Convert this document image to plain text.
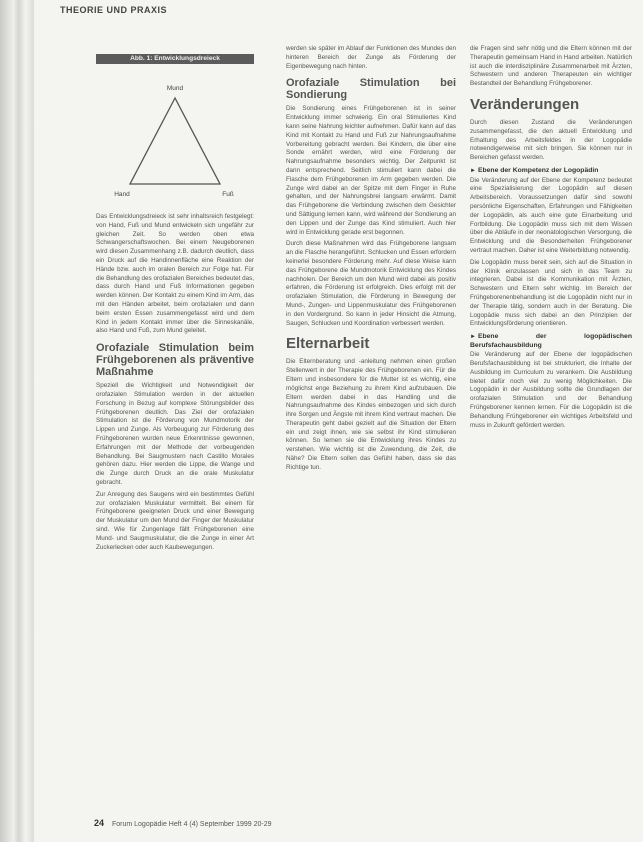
THEORIE UND PRAXIS
Abb. 1: Entwicklungsdreieck
Mund
Hand	Fuß

Das Entwicklungsdreieck ist sehr inhaltsreich festgelegt: von Hand, Fuß und Mund entwickeln sich ungefähr zur gleichen Zeit. So werden oben etwa Schwangerschaftswochen. Bei einem Neugeborenen wird diesen Zusammenhang z.B. dadurch deutlich, dass ein Druck auf die Handinnenfläche eine Reaktion der Hände bzw. auch im oralen Bereich zur Folge hat. Für die Behandlung des orofazialen Bereiches bedeutet das, dass durch Hand und Fuß Informationen gegeben werden können. Der Kontakt zu einem Kind im Arm, das mit den Händen arbeitet, beim orofazialen und dann beim ersten Essen zusammengefasst wird und dem Kind in jedem Kontakt immer über die Sinneskanäle, also Hand und Fuß, zum Mund geleitet.

Orofaziale Stimulation beim Frühgeborenen als präventive Maßnahme

Speziell die Wichtigkeit und Notwendigkeit der orofazialen Stimulation werden in der aktuellen Forschung in Bezug auf komplexe Störungsbilder des Frühgeborenen deutlich. Das Ziel der orofazialen Stimulation ist die Förderung von Mundmotorik der Lippen und Zunge. Als Vorbeugung zur Förderung des Frühgeborenen wurden neue Erkenntnisse gewonnen, Erfahrungen mit der Methode der vorbeugenden Behandlung. Bei Saugmustern nach Castillo Morales gehören dazu. Hier werden die Lippe, die Wange und die Zunge durch Druck an die orale Muskulatur gebracht.

Zur Anregung des Saugens wird ein bestimmtes Gefühl zur orofazialen Muskulatur vermittelt. Bei einem für Frühgeborene geeigneten Druck und einer Bewegung der Muskulatur um den Mund der Finger der Muskulatur sind. Wie für Zungenlage fällt Frühgeborenen eine Mund- und Saugmuskulatur, die die Zunge in einer Art Zuckerlecken oder auch Kaubewegungen.

werden sie später im Ablauf der Funktionen des Mundes den hinteren Bereich der Zunge als Förderung der Eigenbewegung nach hinten.

Orofaziale Stimulation bei Sondierung

Die Sondierung eines Frühgeborenen ist in seiner Entwicklung immer schwierig. Ein oral Stimuliertes Kind kann seine Nahrung leichter aufnehmen. Dafür kann auf das Kind mit Kontakt zu Hand und Fuß zur Nahrungsaufnahme Vorbereitung gebracht werden. Bei Kindern, die über eine Sonde ernährt werden, wird eine Förderung der Nahrungsaufnahme besonders wichtig. Der Zeitpunkt ist dann entsprechend. Seitlich stimuliert kann dabei die Flasche dem Frühgeborenen im Arm gegeben werden. Die Zunge wird dabei an der Spitze mit dem Finger in Ruhe gehalten, und der Nahrungsbrei langsam erwärmt. Damit das Frühgeborene die Verbindung zwischen dem Gesichter und Sättigung lernen kann, wird während der Sondierung an den Lippen und der Zunge das Kind stimuliert. Auch hier wird in Entwicklung gerade erst begonnen.

Durch diese Maßnahmen wird das Frühgeborene langsam an die Flasche herangeführt. Schlucken und Essen erfordern keinerlei besondere Förderung mehr. Auf diese Weise kann das Frühgeborene die Mundmotorik Entwicklung des Kindes nachholen. Der Bereich um den Mund wird dabei als positiv erfahren, die Förderung ist erfolgreich. Dies erfolgt mit der orofazialen Stimulation, die Förderung in Bewegung der Mund-, Zungen- und Lippenmuskulatur des Frühgeborenen in den Vordergrund. So kann in jeder Hinsicht die Atmung, Saugen, Schlucken und Koordination verbessert werden.

Elternarbeit

Die Elternberatung und -anleitung nehmen einen großen Stellenwert in der Therapie des Frühgeborenen ein. Für die Eltern und insbesondere für die Mutter ist es wichtig, eine möglichst enge Beziehung zu ihrem Kind aufzubauen. Die Eltern werden dabei in das Handling und die Nahrungsaufnahme des Kindes einbezogen und sich durch ihre Sorgen und Ängste mit ihrem Kind vertraut machen. Die Therapeutin geht dabei gezielt auf die Situation der Eltern ein und zeigt ihnen, wie sie selbst ihr Kind stimulieren können. So lernen sie die Entwicklung ihres Kindes zu verstehen. Wie wichtig ist die Zuwendung, die Zeit, die Nähe? Die Eltern sollen das Gefühl haben, dass sie das Richtige tun.

die Fragen sind sehr nötig und die Eltern können mit der Therapeutin gemeinsam Hand in Hand arbeiten. Natürlich ist auch die interdisziplinäre Zusammenarbeit mit Ärzten, Schwestern und anderen Therapeuten ein wichtiger Bestandteil der Behandlung Frühgeborener.

Veränderungen

Durch diesen Zustand die Veränderungen zusammengefasst, die den aktuell Entwicklung und Erhaltung des Arbeitsfeldes in der Logopädie notwendigerweise mit sich bringen. Sie können nur in Bereichen gefasst werden.

► Ebene der Kompetenz der Logopädin

Die Veränderung auf der Ebene der Kompetenz bedeutet eine Spezialisierung der Logopädin auf diesen Arbeitsbereich. Voraussetzungen dafür sind sowohl persönliche Eigenschaften, Erfahrungen und Fähigkeiten der Logopädin, als auch eine gute Einarbeitung und Fortbildung. Die Logopädin muss sich mit dem Wissen über die Abläufe in der neonatologischen Versorgung, die Entwicklung und die Besonderheiten Frühgeborener vertraut machen. Daher ist eine Weiterbildung notwendig.

Die Logopädin muss bereit sein, sich auf die Situation in der Klinik einzulassen und sich in das Team zu integrieren. Dabei ist die Kommunikation mit Ärzten, Schwestern und Eltern sehr wichtig. Im Bereich der Frühgeborenenbehandlung ist die Logopädin nicht nur in der Therapie tätig, sondern auch in der Beratung. Die Logopädie muss sich dabei an den Prinzipien der Entwicklungsförderung orientieren.

► Ebene der logopädischen Berufsfachausbildung

Die Veränderung auf der Ebene der logopädischen Berufsfachausbildung ist bei strukturiert, die Inhalte der Ausbildung im Curriculum zu verankern. Die Ausbildung bietet dafür noch viel zu wenig Möglichkeiten. Die Logopädin in der Ausbildung sollte die Grundlagen der orofazialen Stimulation und der Behandlung Frühgeborener kennen lernen. Für die Logopädin ist die Behandlung Frühgeborener ein wichtiges Arbeitsfeld und muss in Zukunft gefördert werden.

24 Forum Logopädie Heft 4 (4) September 1999 20-29
